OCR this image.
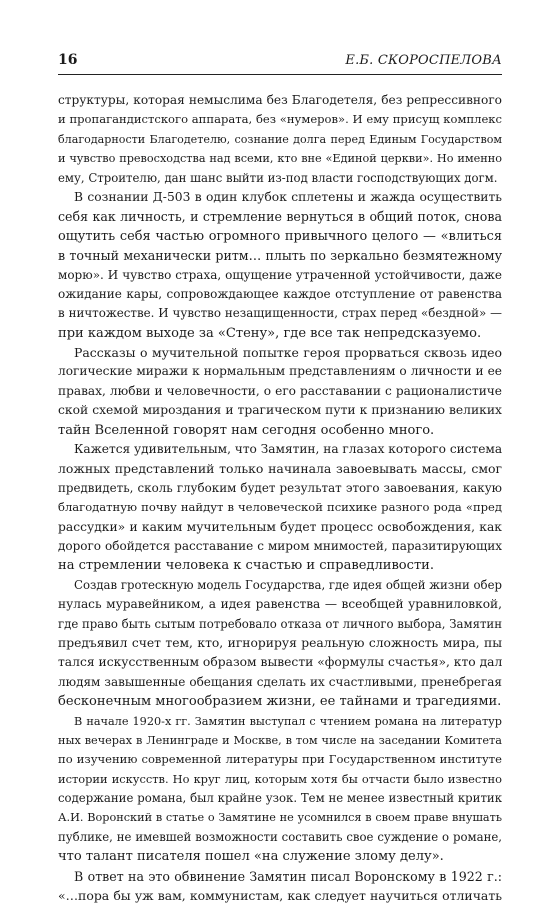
16	Е.Б. СКОРОСПЕЛОВА
структуры, которая немыслима без Благодетеля, без репрессивного
и пропагандистского аппарата, без «нумеров». И ему присущ комплекс
благодарности Благодетелю, сознание долга перед Единым Государством
и чувство превосходства над всеми, кто вне «Единой церкви». Но именно
ему, Строителю, дан шанс выйти из-под власти господствующих догм.
В сознании Д-503 в один клубок сплетены и жажда осуществить
себя как личность, и стремление вернуться в общий поток, снова
ощутить себя частью огромного привычного целого — «влиться
в точный механически ритм… плыть по зеркально безмятежному
морю». И чувство страха, ощущение утраченной устойчивости, даже
ожидание кары, сопровождающее каждое отступление от равенства
в ничтожестве. И чувство незащищенности, страх перед «бездной» —
при каждом выходе за «Стену», где все так непредсказуемо.
Рассказы о мучительной попытке героя прорваться сквозь идео
логические миражи к нормальным представлениям о личности и ее
правах, любви и человечности, о его расставании с рационалистиче
ской схемой мироздания и трагическом пути к признанию великих
тайн Вселенной говорят нам сегодня особенно много.
Кажется удивительным, что Замятин, на глазах которого система
ложных представлений только начинала завоевывать массы, смог
предвидеть, сколь глубоким будет результат этого завоевания, какую
благодатную почву найдут в человеческой психике разного рода «пред
рассудки» и каким мучительным будет процесс освобождения, как
дорого обойдется расставание с миром мнимостей, паразитирующих
на стремлении человека к счастью и справедливости.
Создав гротескную модель Государства, где идея общей жизни обер
нулась муравейником, а идея равенства — всеобщей уравниловкой,
где право быть сытым потребовало отказа от личного выбора, Замятин
предъявил счет тем, кто, игнорируя реальную сложность мира, пы
тался искусственным образом вывести «формулы счастья», кто дал
людям завышенные обещания сделать их счастливыми, пренебрегая
бесконечным многообразием жизни, ее тайнами и трагедиями.
В начале 1920-х гг. Замятин выступал с чтением романа на литератур
ных вечерах в Ленинграде и Москве, в том числе на заседании Комитета
по изучению современной литературы при Государственном институте
истории искусств. Но круг лиц, которым хотя бы отчасти было известно
содержание романа, был крайне узок. Тем не менее известный критик
А.И. Воронский в статье о Замятине не усомнился в своем праве внушать
публике, не имевшей возможности составить свое суждение о романе,
что талант писателя пошел «на служение злому делу».
В ответ на это обвинение Замятин писал Воронскому в 1922 г.:
«…пора бы уж вам, коммунистам, как следует научиться отличать
